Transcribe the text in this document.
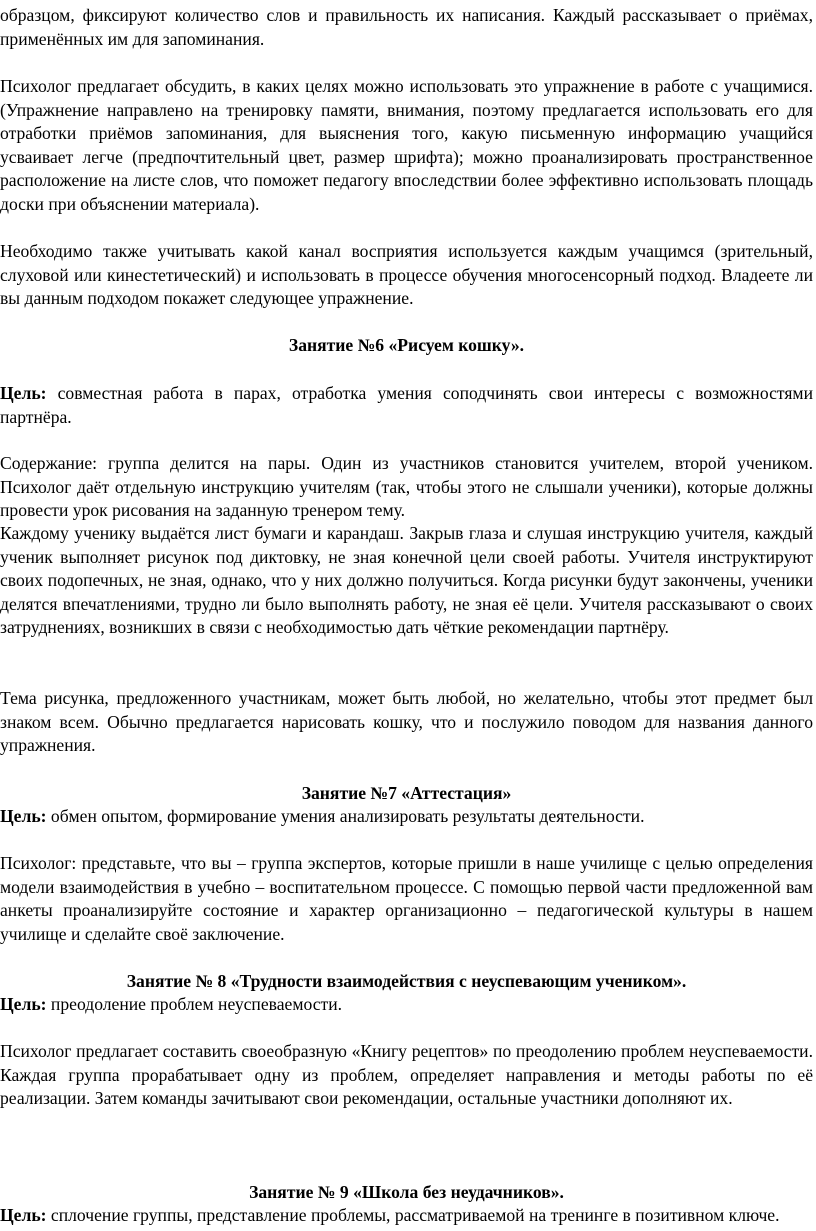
образцом, фиксируют количество слов и правильность их написания. Каждый рассказывает о приёмах, применённых им для запоминания.

Психолог предлагает обсудить, в каких целях можно использовать это упражнение в работе с учащимися. (Упражнение направлено на тренировку памяти, внимания, поэтому предлагается использовать его для отработки приёмов запоминания, для выяснения того, какую письменную информацию учащийся усваивает легче (предпочтительный цвет, размер шрифта); можно проанализировать пространственное расположение на листе слов, что поможет педагогу впоследствии более эффективно использовать площадь доски при объяснении материала).

Необходимо также учитывать какой канал восприятия используется каждым учащимся (зрительный, слуховой или кинестетический) и использовать в процессе обучения многосенсорный подход. Владеете ли вы данным подходом покажет следующее упражнение.

Занятие №6 «Рисуем кошку».

Цель: совместная работа в парах, отработка умения соподчинять свои интересы с возможностями партнёра.

Содержание: группа делится на пары. Один из участников становится учителем, второй учеником. Психолог даёт отдельную инструкцию учителям (так, чтобы этого не слышали ученики), которые должны провести урок рисования на заданную тренером тему.

Каждому ученику выдаётся лист бумаги и карандаш. Закрыв глаза и слушая инструкцию учителя, каждый ученик выполняет рисунок под диктовку, не зная конечной цели своей работы. Учителя инструктируют своих подопечных, не зная, однако, что у них должно получиться. Когда рисунки будут закончены, ученики делятся впечатлениями, трудно ли было выполнять работу, не зная её цели. Учителя рассказывают о своих затруднениях, возникших в связи с необходимостью дать чёткие рекомендации партнёру.

Тема рисунка, предложенного участникам, может быть любой, но желательно, чтобы этот предмет был знаком всем. Обычно предлагается нарисовать кошку, что и послужило поводом для названия данного упражнения.

Занятие №7 «Аттестация»

Цель: обмен опытом, формирование умения анализировать результаты деятельности.

Психолог: представьте, что вы – группа экспертов, которые пришли в наше училище с целью определения модели взаимодействия в учебно – воспитательном процессе. С помощью первой части предложенной вам анкеты проанализируйте состояние и характер организационно – педагогической культуры в нашем училище и сделайте своё заключение.

Занятие № 8 «Трудности взаимодействия с неуспевающим учеником».

Цель: преодоление проблем неуспеваемости.

Психолог предлагает составить своеобразную «Книгу рецептов» по преодолению проблем неуспеваемости. Каждая группа прорабатывает одну из проблем, определяет направления и методы работы по её реализации. Затем команды зачитывают свои рекомендации, остальные участники дополняют их.

Занятие № 9 «Школа без неудачников».

Цель: сплочение группы, представление проблемы, рассматриваемой на тренинге в позитивном ключе.
